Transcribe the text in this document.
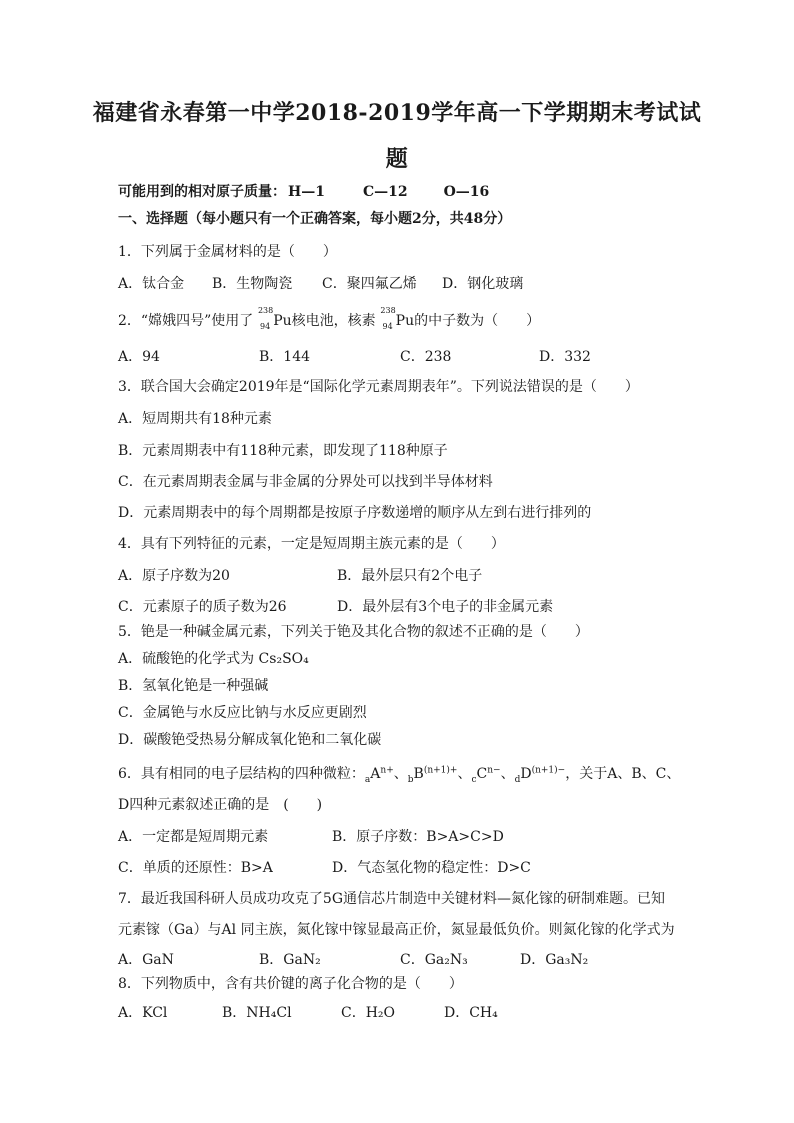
福建省永春第一中学2018-2019学年高一下学期期末考试试
题
可能用到的相对原子质量： H—1	C—12	O—16
一、选择题（每小题只有一个正确答案，每小题2分，共48分）
1．下列属于金属材料的是（　　）
A．钛合金 B．生物陶瓷 C．聚四氟乙烯 D．钢化玻璃
2．“嫦娥四号”使用了
238
94 Pu核电池，核素
238
94 Pu的中子数为（　　）
A．94	B．144	C．238	D．332
3．联合国大会确定2019年是“国际化学元素周期表年”。下列说法错误的是（　　）
A．短周期共有18种元素
B．元素周期表中有118种元素，即发现了118种原子
C．在元素周期表金属与非金属的分界处可以找到半导体材料
D．元素周期表中的每个周期都是按原子序数递增的顺序从左到右进行排列的
4．具有下列特征的元素，一定是短周期主族元素的是（　　）
A．原子序数为20	B．最外层只有2个电子
C．元素原子的质子数为26	D．最外层有3个电子的非金属元素
5．铯是一种碱金属元素，下列关于铯及其化合物的叙述不正确的是（　　）
A．硫酸铯的化学式为 Cs₂SO₄
B．氢氧化铯是一种强碱
C．金属铯与水反应比钠与水反应更剧烈
D．碳酸铯受热易分解成氧化铯和二氧化碳
6．具有相同的电子层结构的四种微粒：$_aA^{n+}$、$_bB^{(n+1)+}$、$_cC^{n-}$、$_dD^{(n+1)-}$，关于A、B、C、
D四种元素叙述正确的是　(　　)
A．一定都是短周期元素	B．原子序数：B>A>C>D
C．单质的还原性：B>A	D．气态氢化物的稳定性：D>C
7．最近我国科研人员成功攻克了5G通信芯片制造中关键材料—氮化镓的研制难题。已知
元素镓（Ga）与Al 同主族，氮化镓中镓显最高正价，氮显最低负价。则氮化镓的化学式为
A．GaN	B．GaN₂	C．Ga₂N₃	D．Ga₃N₂
8．下列物质中，含有共价键的离子化合物的是（　　）
A．KCl	B．NH₄Cl	C．H₂O	D．CH₄
